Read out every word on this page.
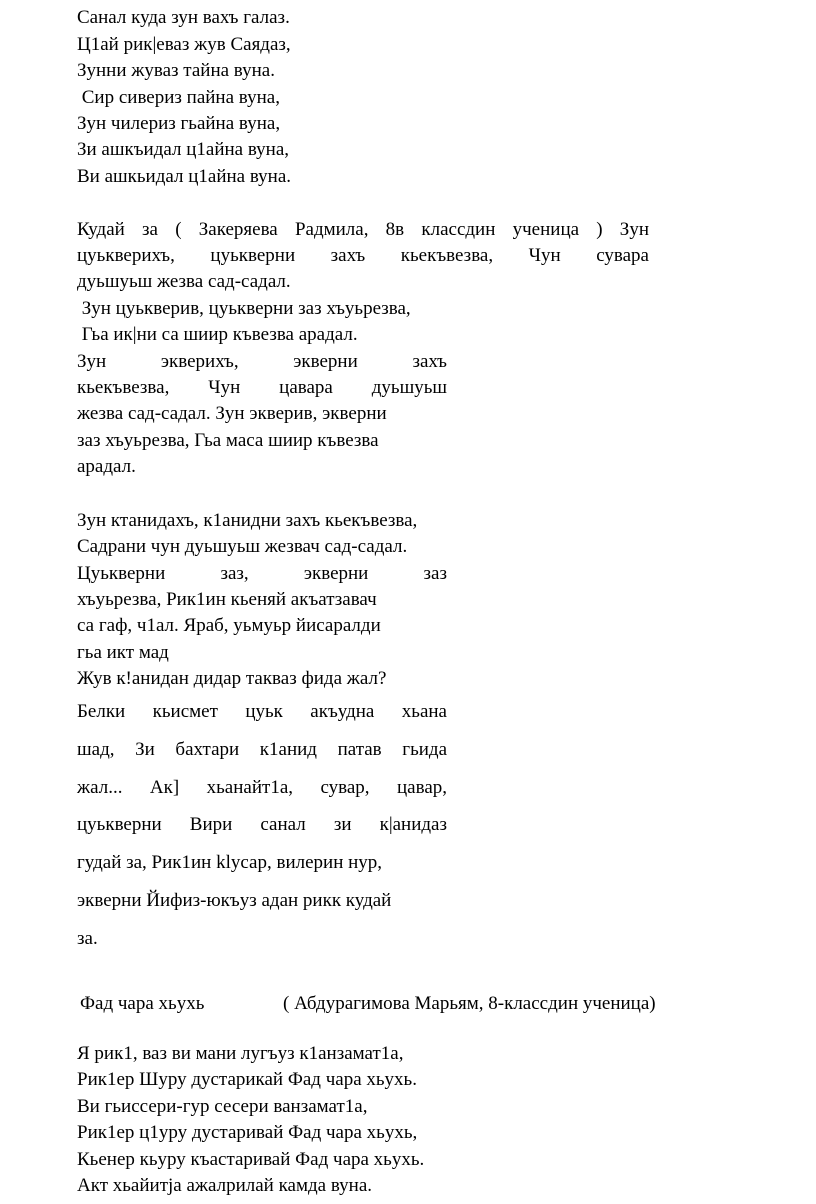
Санал куда зун вахъ галаз.
Ц1ай рик|еваз жув Саядаз,
Зунни жуваз тайна вуна.
Сир сивериз пайна вуна,
Зун чилериз гьайна вуна,
Зи ашкъидал ц1айна вуна,
Ви ашкьидал ц1айна вуна.
Кудай за ( Закеряева Радмила, 8в классдин ученица ) Зун
цуькверихъ, цуькверни захъ кьекъвезва, Чун сувара
дуьшуьш жезва сад-садал.
Зун цуькверив, цуькверни заз хъуьрезва,
Гьа ик|ни са шиир къвезва арадал.
Зун экверихъ, экверни захъ
кьекъвезва, Чун цавара дуьшуьш
жезва сад-садал. Зун экверив, экверни
заз хъуьрезва, Гьа маса шиир къвезва
арадал.
Зун ктанидахъ, к1анидни захъ кьекъвезва,
Садрани чун дуьшуьш жезвач сад-садал.
Цуькверни заз, экверни заз
хъуьрезва, Рик1ин кьеняй акъатзавач
са гаф, ч1ал. Яраб, уьмуьр йисаралди
гьа икт мад
Жув к!анидан дидар такваз фида жал?
Белки кьисмет цуьк акъудна хьана
шад, Зи бахтари к1анид патав гьида
жал... Ак] хьанайт1а, сувар, цавар,
цуькверни Вири санал зи к|анидаз
гудай за, Рик1ин klусар, вилерин нур,
экверни Йифиз-юкъуз адан рикк кудай
за.
Фад чара хьухь	( Абдурагимова Марьям, 8-классдин ученица)
Я рик1, ваз ви мани лугъуз к1анзамат1а,
Рик1ер Шуру дустарикай Фад чара хьухь.
Ви гьиссери-гур сесери ванзамат1а,
Рик1ер ц1уру дустаривай Фад чара хьухь,
Кьенер кьуру къастаривай Фад чара хьухь.
Акт хьайитjа ажалрилай камда вуна.
